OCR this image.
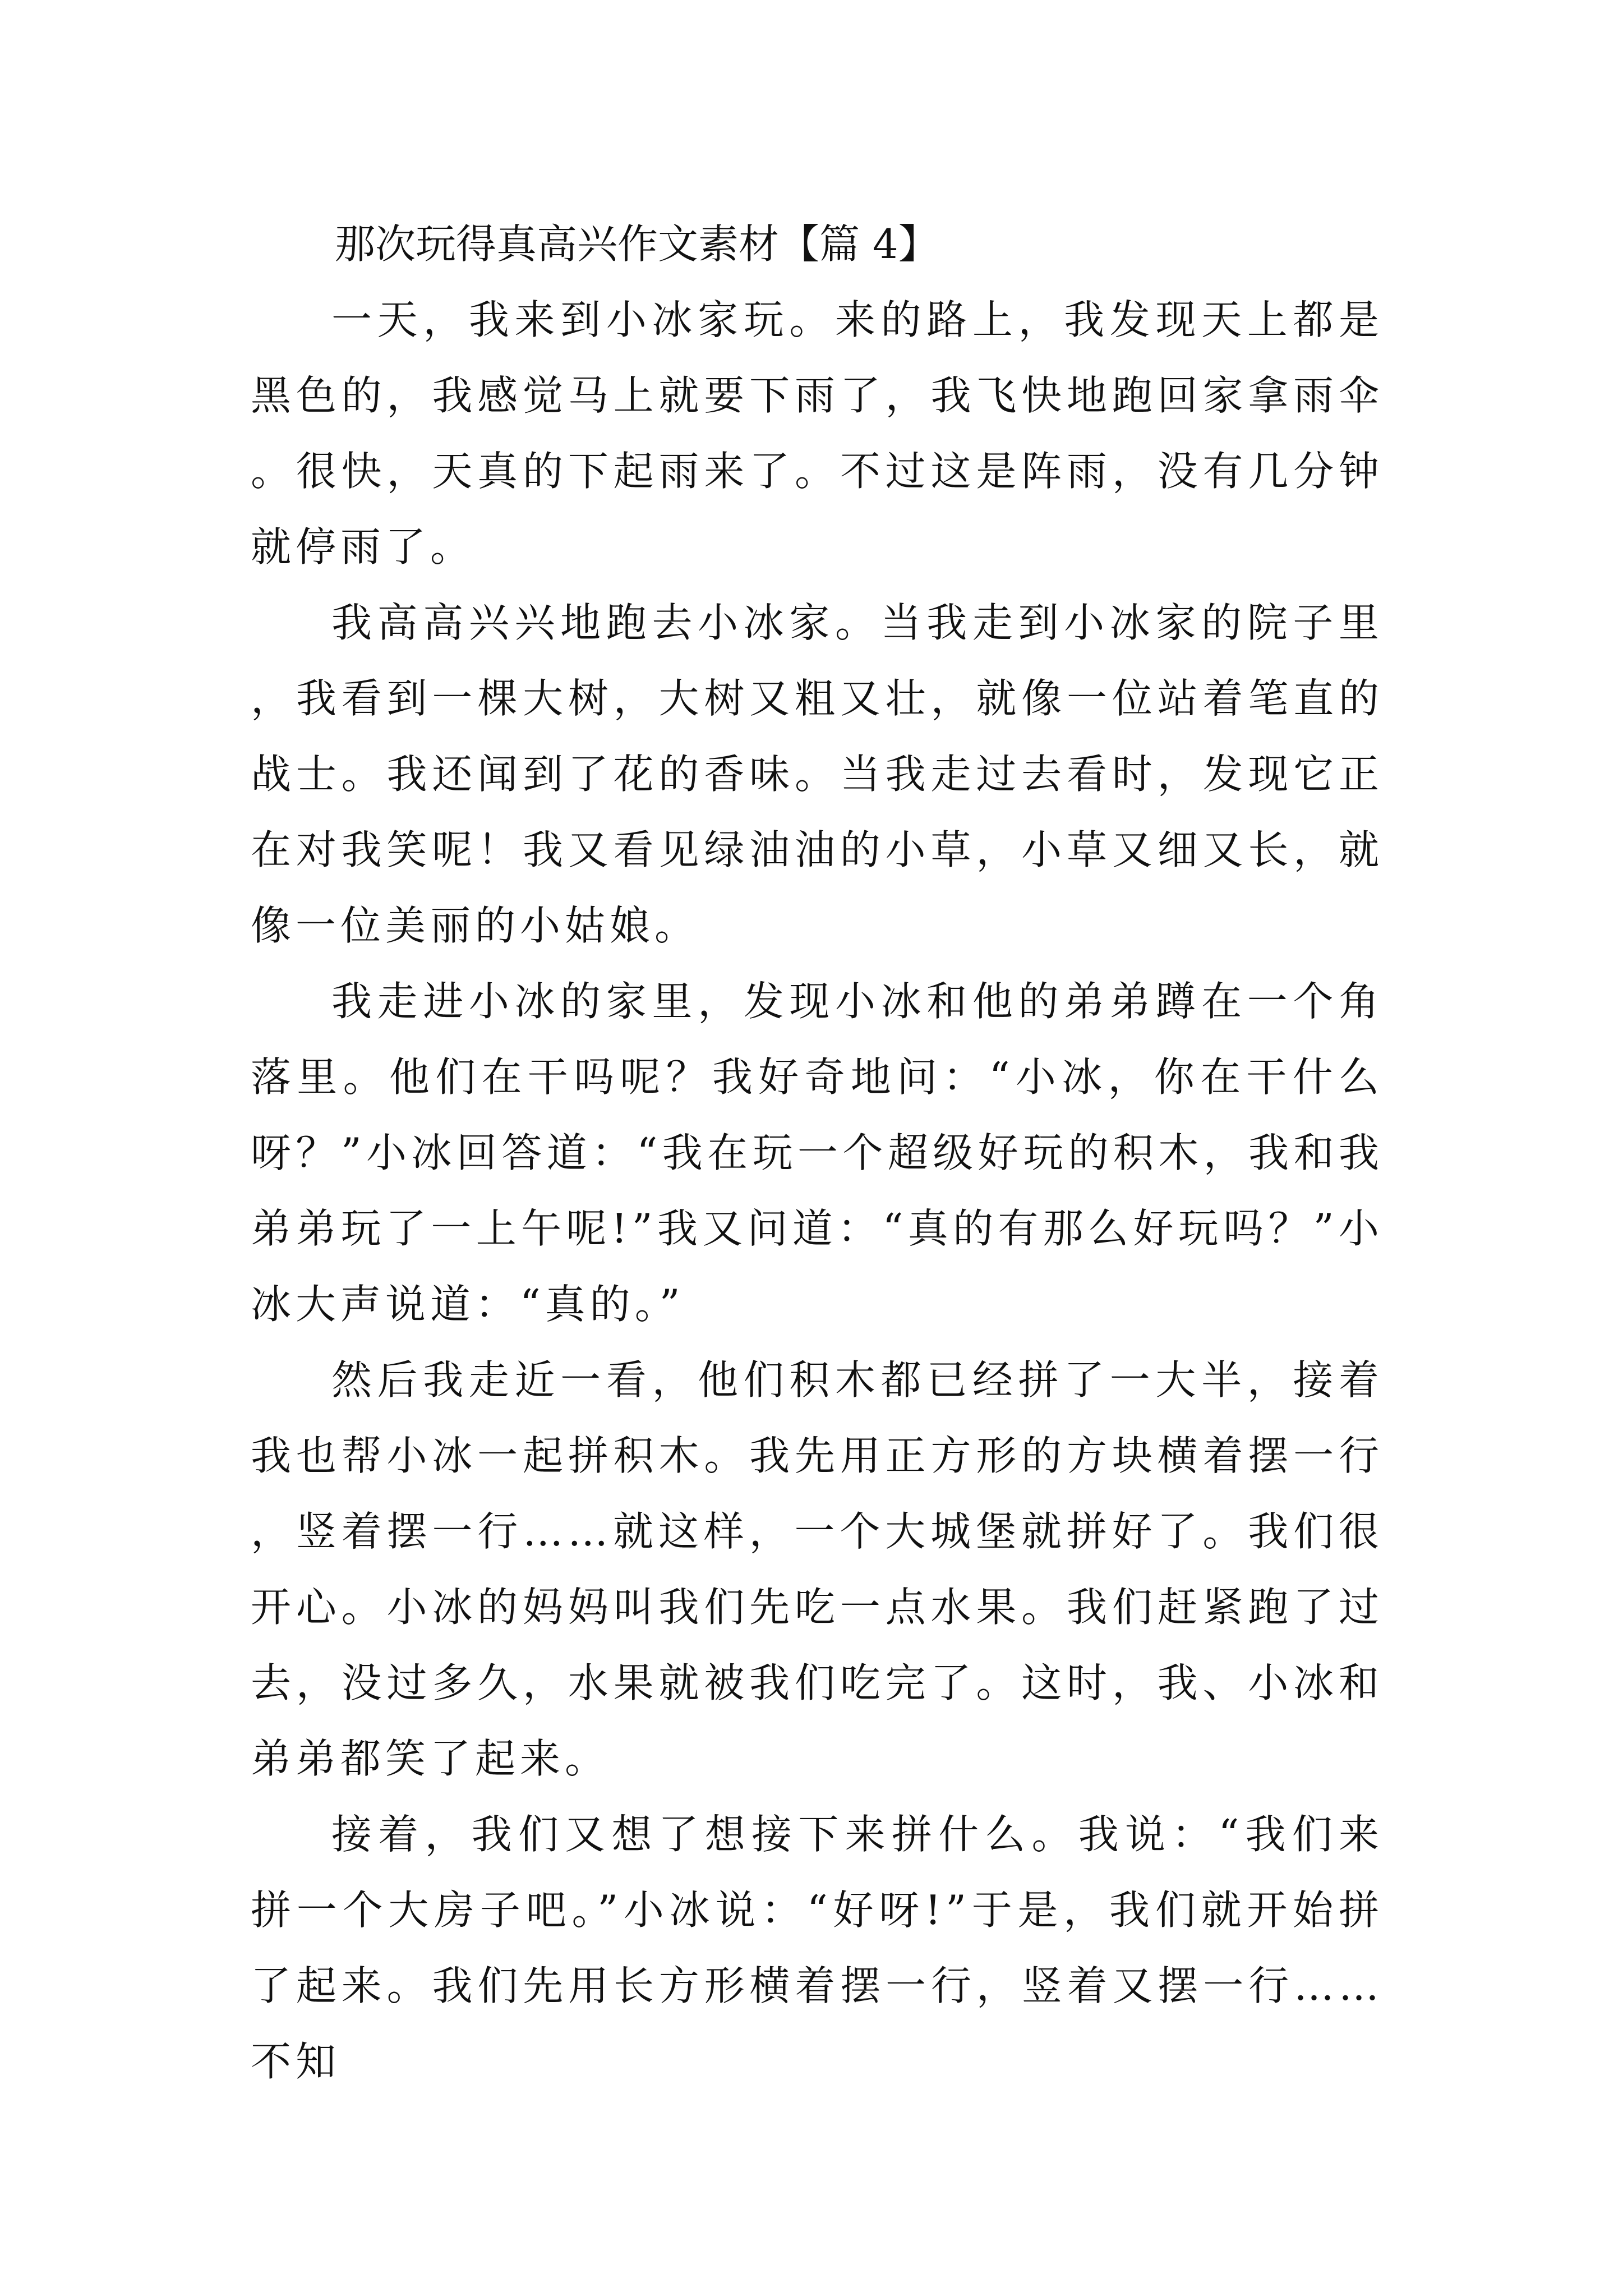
那次玩得真高兴作文素材【篇 4】

一天，我来到小冰家玩。来的路上，我发现天上都是黑色的，我感觉马上就要下雨了，我飞快地跑回家拿雨伞。很快，天真的下起雨来了。不过这是阵雨，没有几分钟就停雨了。

我高高兴兴地跑去小冰家。当我走到小冰家的院子里，我看到一棵大树，大树又粗又壮，就像一位站着笔直的战士。我还闻到了花的香味。当我走过去看时，发现它正在对我笑呢！我又看见绿油油的小草，小草又细又长，就像一位美丽的小姑娘。

我走进小冰的家里，发现小冰和他的弟弟蹲在一个角落里。他们在干吗呢？我好奇地问：“小冰，你在干什么呀？”小冰回答道：“我在玩一个超级好玩的积木，我和我弟弟玩了一上午呢!”我又问道：“真的有那么好玩吗？”小冰大声说道：“真的。”

然后我走近一看，他们积木都已经拼了一大半，接着我也帮小冰一起拼积木。我先用正方形的方块横着摆一行，竖着摆一行……就这样，一个大城堡就拼好了。我们很开心。小冰的妈妈叫我们先吃一点水果。我们赶紧跑了过去，没过多久，水果就被我们吃完了。这时，我、小冰和弟弟都笑了起来。

接着，我们又想了想接下来拼什么。我说：“我们来拼一个大房子吧。”小冰说：“好呀!”于是，我们就开始拼了起来。我们先用长方形横着摆一行，竖着又摆一行……不知
